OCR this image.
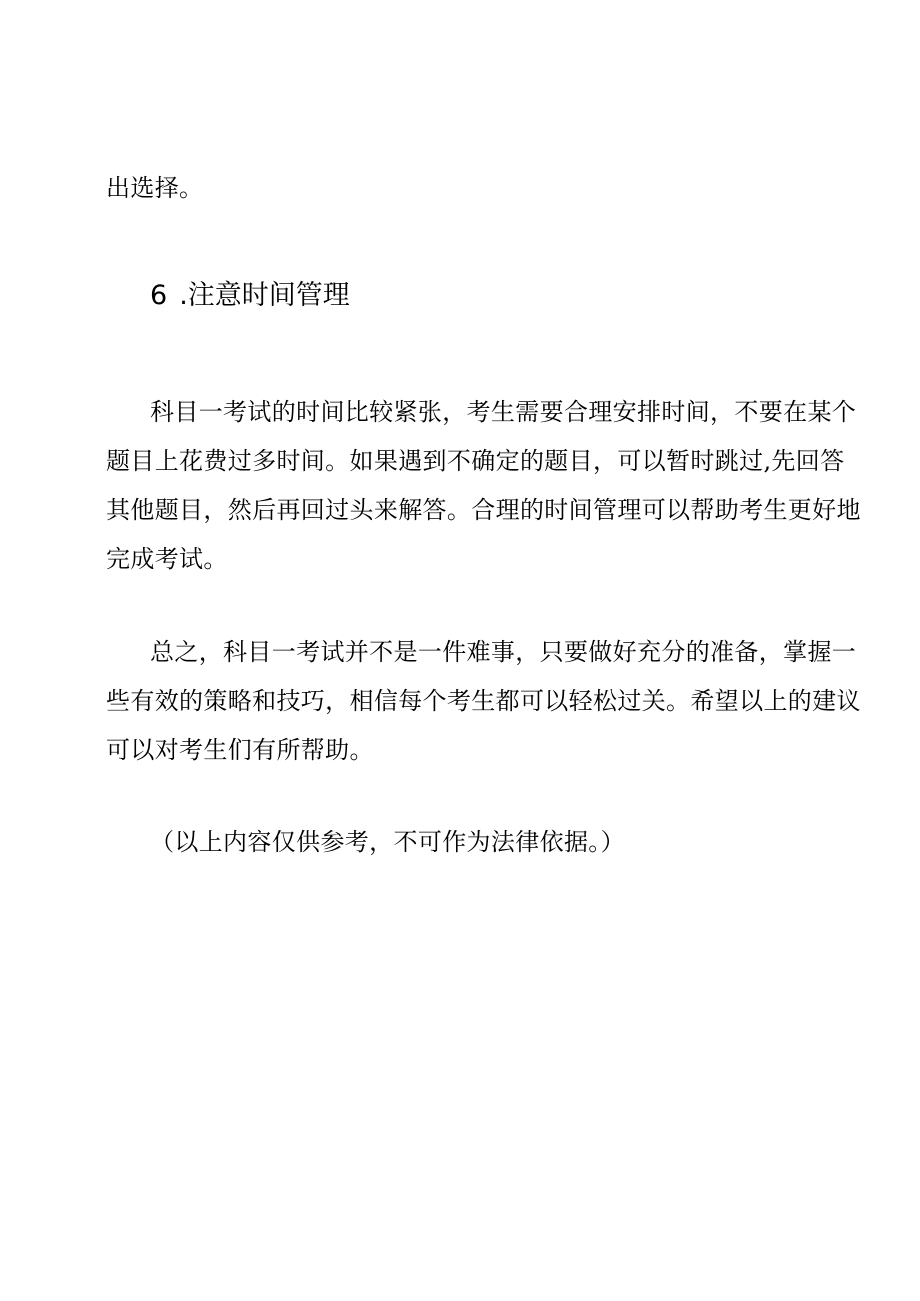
出选择。
6 .注意时间管理
科目一考试的时间比较紧张，考生需要合理安排时间，不要在某个
题目上花费过多时间。如果遇到不确定的题目，可以暂时跳过,先回答
其他题目，然后再回过头来解答。合理的时间管理可以帮助考生更好地
完成考试。
总之，科目一考试并不是一件难事，只要做好充分的准备，掌握一
些有效的策略和技巧，相信每个考生都可以轻松过关。希望以上的建议
可以对考生们有所帮助。
（以上内容仅供参考，不可作为法律依据。）
